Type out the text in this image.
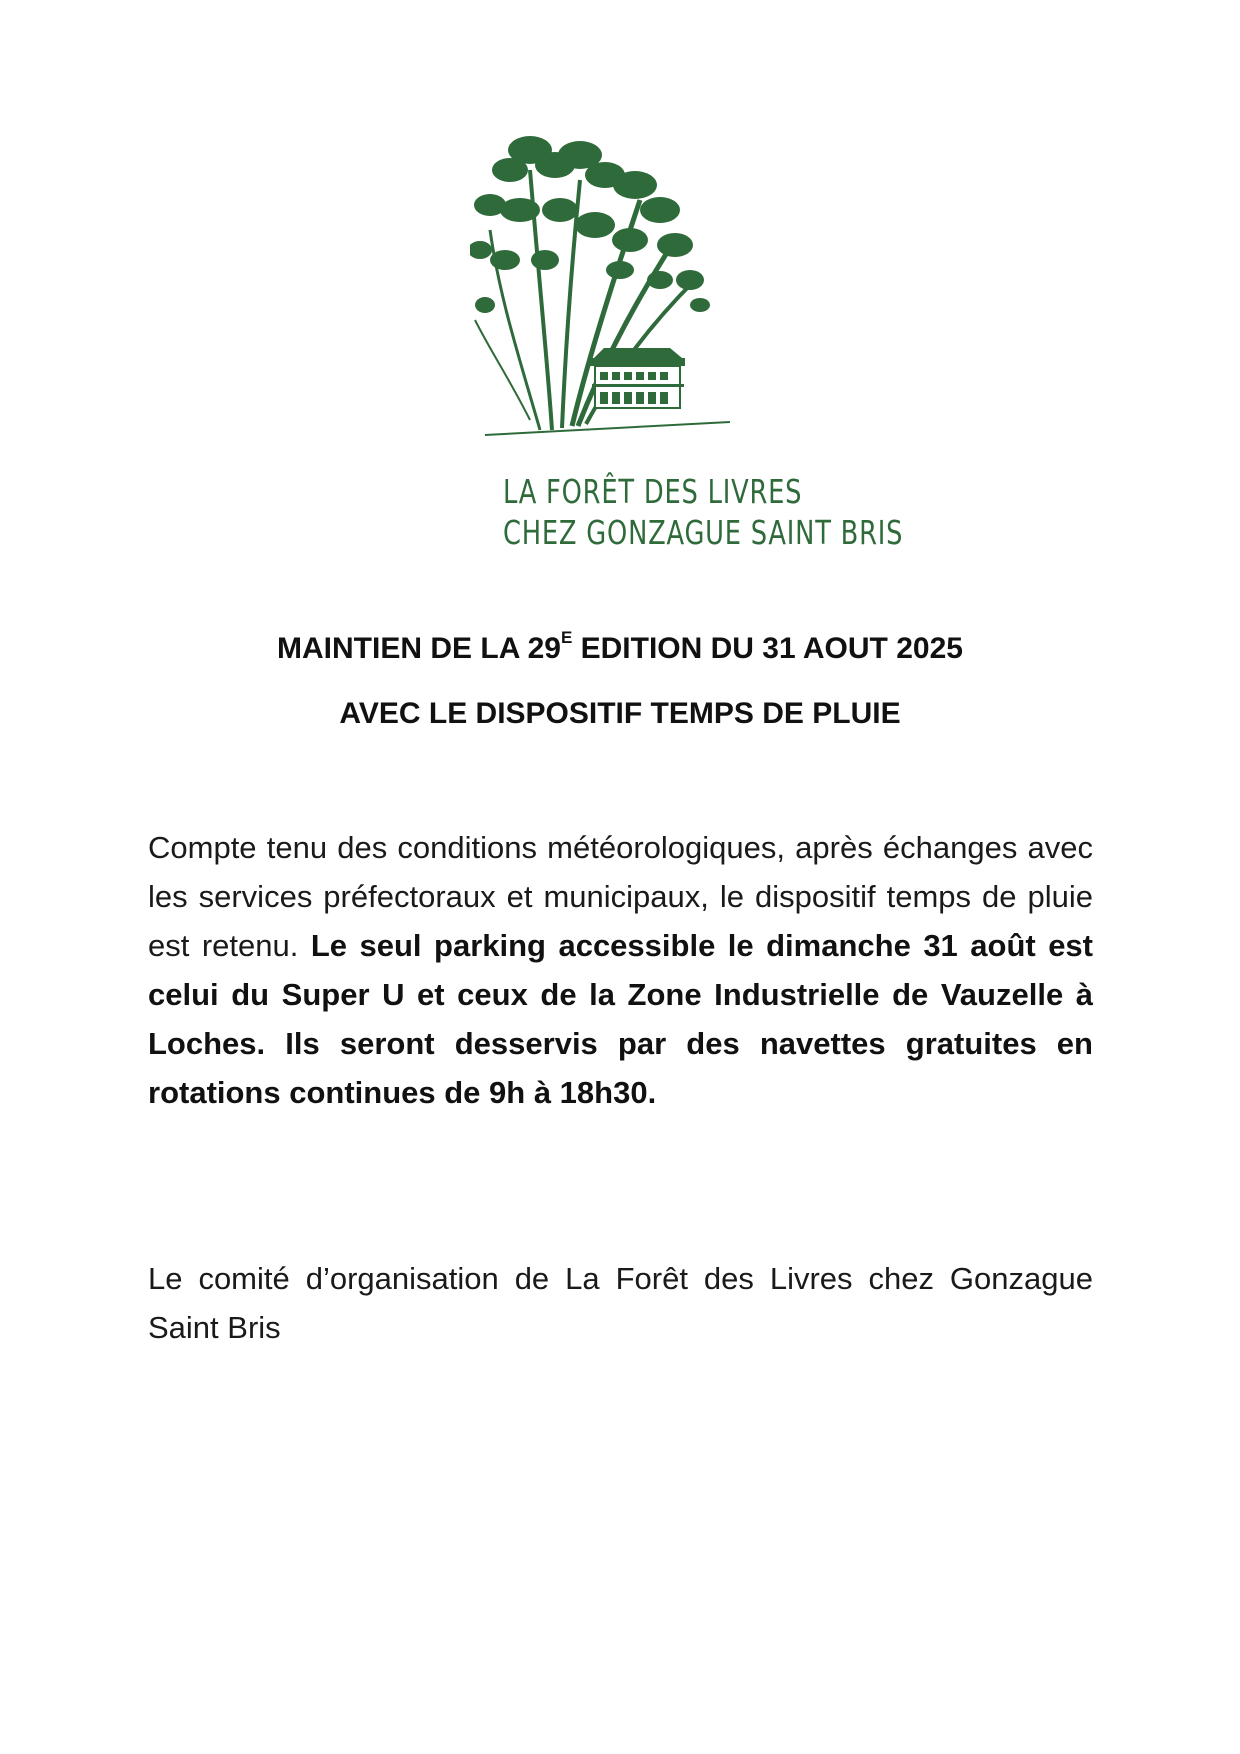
LA FORÊT DES LIVRES
CHEZ GONZAGUE SAINT BRIS
MAINTIEN DE LA $29^E$ EDITION DU 31 AOUT 2025
AVEC LE DISPOSITIF TEMPS DE PLUIE

Compte tenu des conditions météorologiques, après échanges avec les services préfectoraux et municipaux, le dispositif temps de pluie est retenu. Le seul parking accessible le dimanche 31 août est celui du Super U et ceux de la Zone Industrielle de Vauzelle à Loches. Ils seront desservis par des navettes gratuites en rotations continues de 9h à 18h30.

Le comité d’organisation de La Forêt des Livres chez Gonzague Saint Bris
